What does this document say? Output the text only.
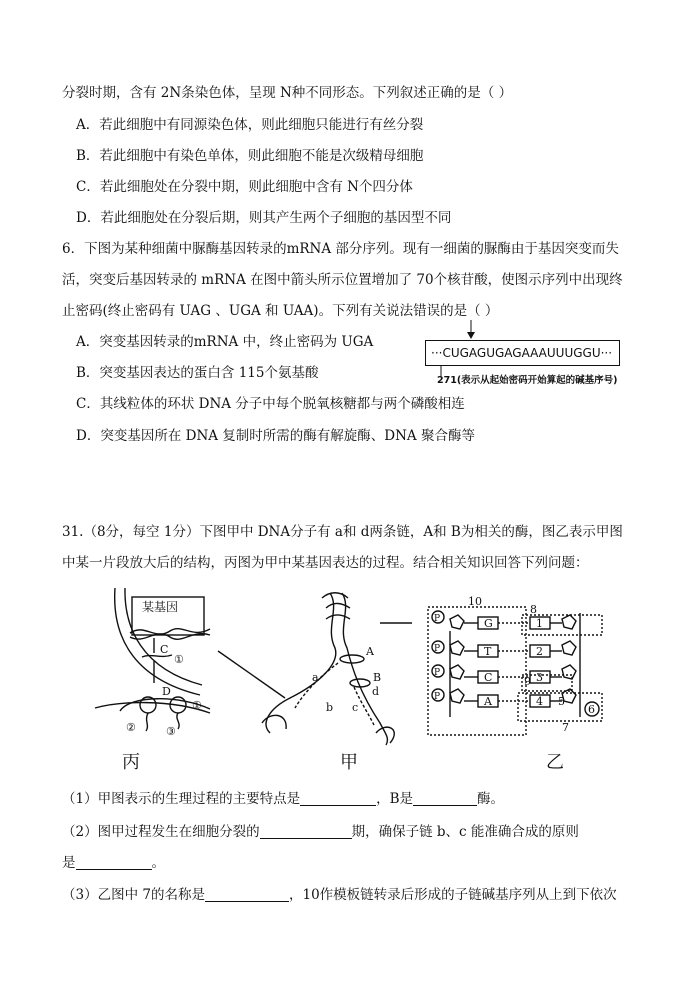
分裂时期，含有 2N条染色体，呈现 N种不同形态。下列叙述正确的是（ ）
A．若此细胞中有同源染色体，则此细胞只能进行有丝分裂
B．若此细胞中有染色单体，则此细胞不能是次级精母细胞
C．若此细胞处在分裂中期，则此细胞中含有 N个四分体
D．若此细胞处在分裂后期，则其产生两个子细胞的基因型不同
6．下图为某种细菌中脲酶基因转录的mRNA 部分序列。现有一细菌的脲酶由于基因突变而失
活，突变后基因转录的 mRNA 在图中箭头所示位置增加了 70个核苷酸，使图示序列中出现终
止密码(终止密码有 UAG 、UGA 和 UAA)。下列有关说法错误的是（ ）
A．突变基因转录的mRNA 中，终止密码为 UGA
B．突变基因表达的蛋白含 115个氨基酸
C．其线粒体的环状 DNA 分子中每个脱氧核糖都与两个磷酸相连
D．突变基因所在 DNA 复制时所需的酶有解旋酶、DNA 聚合酶等
···CUGAGUGAGAAAUUUGGU···
271(表示从起始密码开始算起的碱基序号)
31.（8分，每空 1分）下图甲中 DNA分子有 a和 d两条链，A和 B为相关的酶，图乙表示甲图
中某一片段放大后的结构，丙图为甲中某基因表达的过程。结合相关知识回答下列问题：
某基因
C
①
D
①
②	③
A
B
a
b c
d
10
8
9
7
1
2
3
4 5
6
G
T
C
A
P
P
P
P
丙	甲	乙
（1）甲图表示的生理过程的主要特点是	，B是	酶。
（2）图甲过程发生在细胞分裂的	期，确保子链 b、c 能准确合成的原则
是	。
（3）乙图中 7的名称是	，10作模板链转录后形成的子链碱基序列从上到下依次
